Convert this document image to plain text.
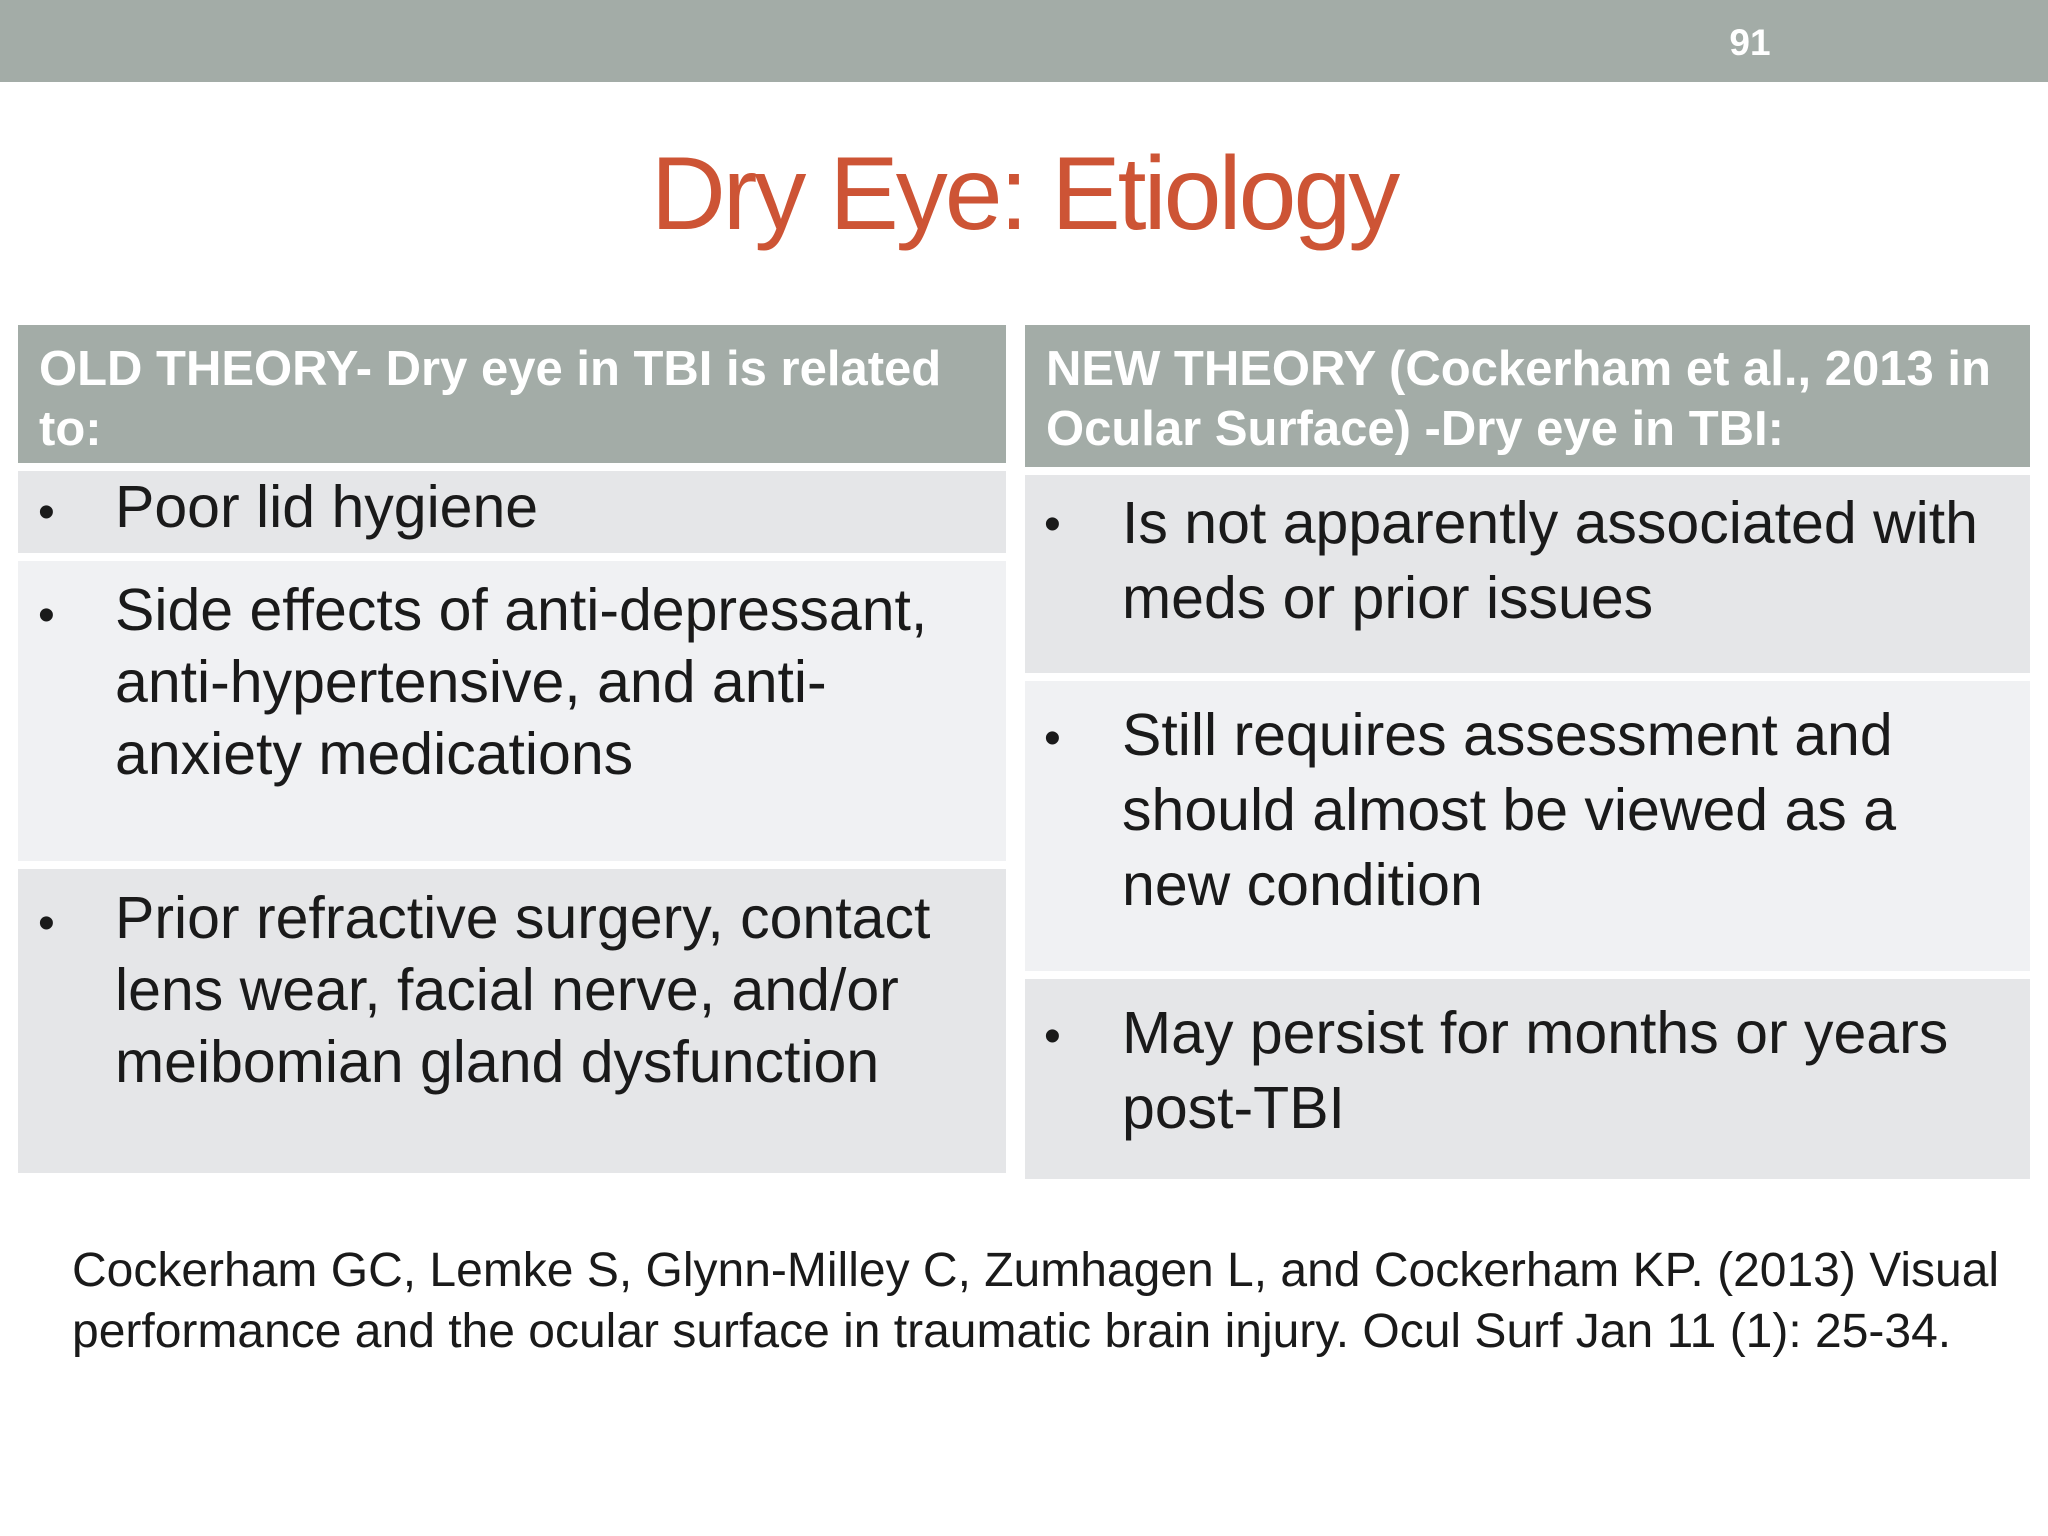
91
Dry Eye: Etiology
OLD THEORY- Dry eye in TBI is related to:
• Poor lid hygiene
• Side effects of anti-depressant, anti-hypertensive, and anti-anxiety medications
• Prior refractive surgery, contact lens wear, facial nerve, and/or meibomian gland dysfunction
NEW THEORY (Cockerham et al., 2013 in Ocular Surface) -Dry eye in TBI:
• Is not apparently associated with meds or prior issues
• Still requires assessment and should almost be viewed as a new condition
• May persist for months or years post-TBI
Cockerham GC, Lemke S, Glynn-Milley C, Zumhagen L, and Cockerham KP. (2013) Visual performance and the ocular surface in traumatic brain injury. Ocul Surf Jan 11 (1): 25-34.
